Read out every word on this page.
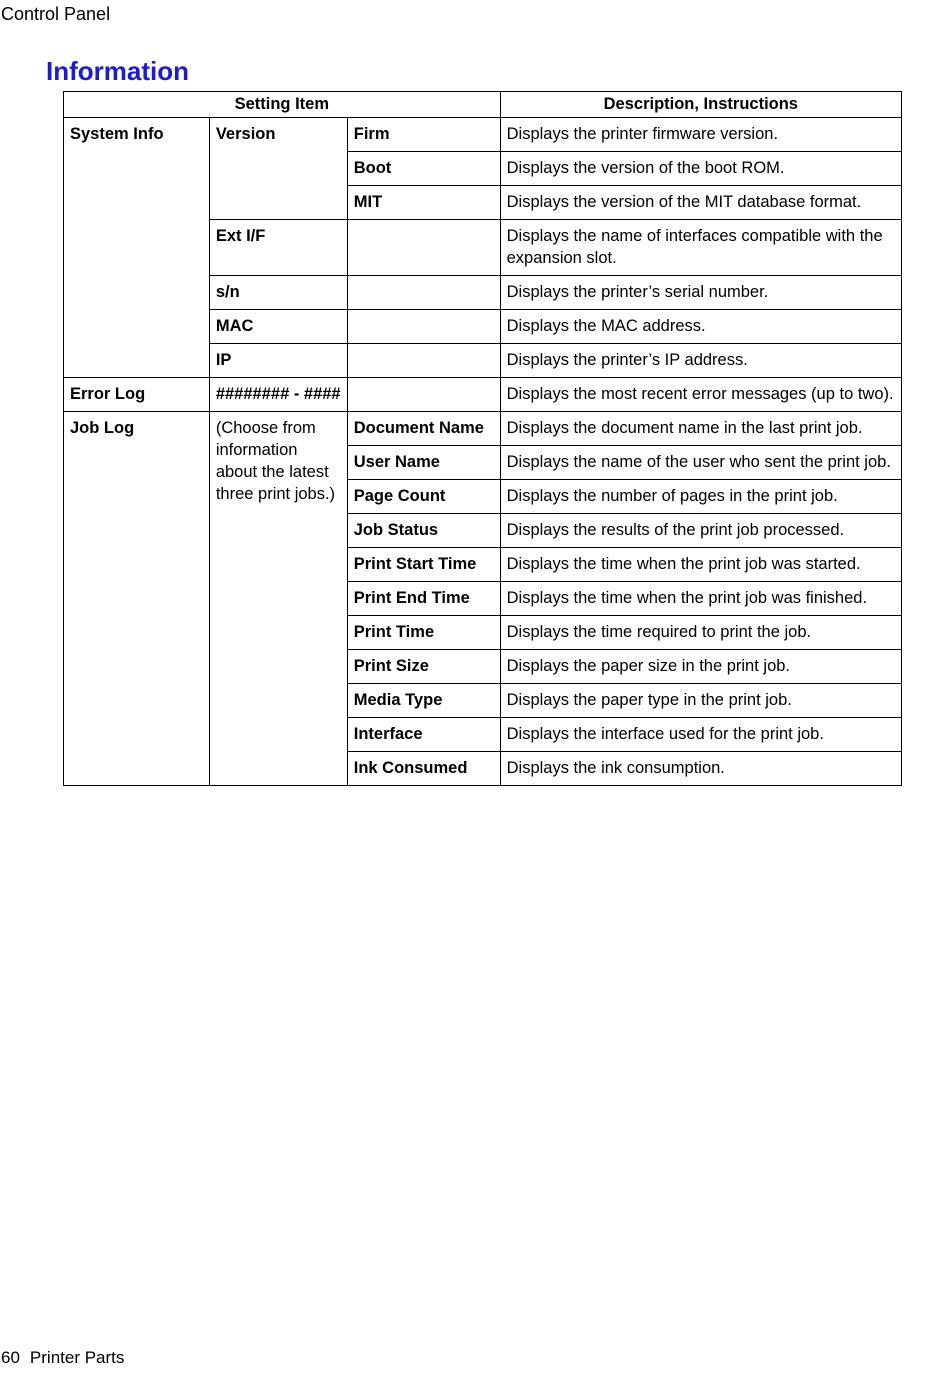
Control Panel
Information
Setting Item			Description, Instructions
System Info	Version	Firm	Displays the printer firmware version.
		Boot	Displays the version of the boot ROM.
		MIT	Displays the version of the MIT database format.
	Ext I/F		Displays the name of interfaces compatible with the expansion slot.
	s/n		Displays the printer’s serial number.
	MAC		Displays the MAC address.
	IP		Displays the printer’s IP address.
Error Log	######## - ####		Displays the most recent error messages (up to two).
Job Log	(Choose from information about the latest three print jobs.)	Document Name	Displays the document name in the last print job.
		User Name	Displays the name of the user who sent the print job.
		Page Count	Displays the number of pages in the print job.
		Job Status	Displays the results of the print job processed.
		Print Start Time	Displays the time when the print job was started.
		Print End Time	Displays the time when the print job was finished.
		Print Time	Displays the time required to print the job.
		Print Size	Displays the paper size in the print job.
		Media Type	Displays the paper type in the print job.
		Interface	Displays the interface used for the print job.
		Ink Consumed	Displays the ink consumption.
60 Printer Parts
